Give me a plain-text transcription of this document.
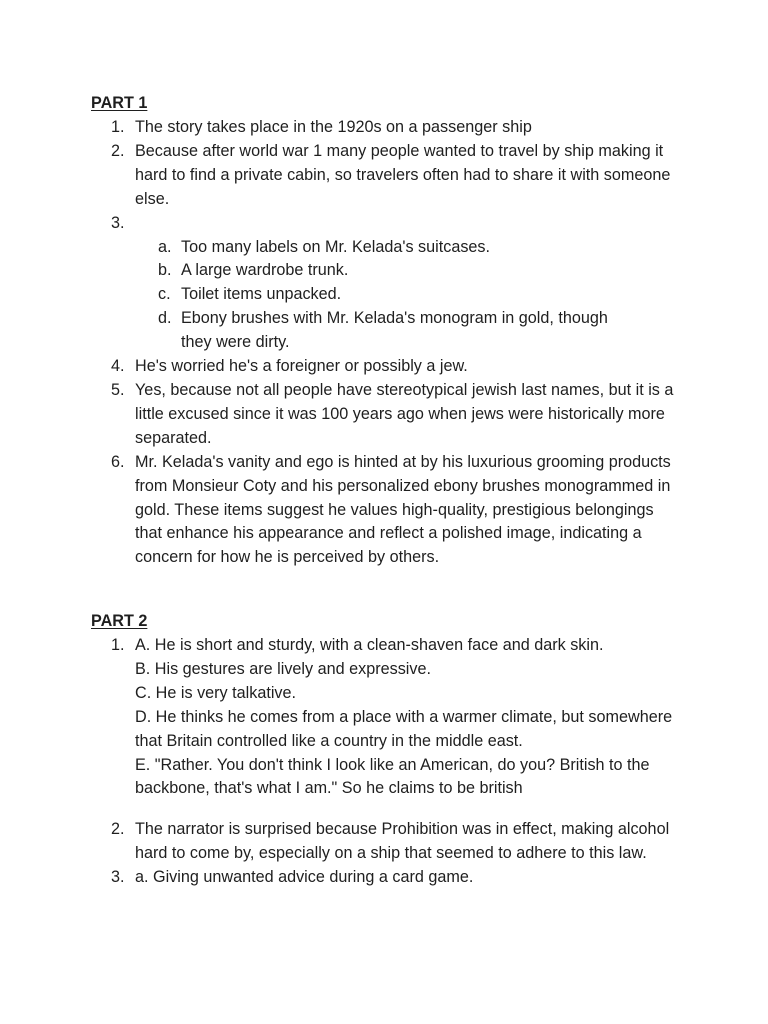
PART 1

1. The story takes place in the 1920s on a passenger ship
2. Because after world war 1 many people wanted to travel by ship making it hard to find a private cabin, so travelers often had to share it with someone else.
3.

a. Too many labels on Mr. Kelada's suitcases.
b. A large wardrobe trunk.
c. Toilet items unpacked.
d. Ebony brushes with Mr. Kelada's monogram in gold, though they were dirty.
4. He's worried he's a foreigner or possibly a jew.
5. Yes, because not all people have stereotypical jewish last names, but it is a little excused since it was 100 years ago when jews were historically more separated.
6. Mr. Kelada's vanity and ego is hinted at by his luxurious grooming products from Monsieur Coty and his personalized ebony brushes monogrammed in gold. These items suggest he values high-quality, prestigious belongings that enhance his appearance and reflect a polished image, indicating a concern for how he is perceived by others.

PART 2

1. A. He is short and sturdy, with a clean-shaven face and dark skin.
B. His gestures are lively and expressive.
C. He is very talkative.
D. He thinks he comes from a place with a warmer climate, but somewhere that Britain controlled like a country in the middle east.
E. "Rather. You don't think I look like an American, do you? British to the backbone, that's what I am." So he claims to be british
2. The narrator is surprised because Prohibition was in effect, making alcohol hard to come by, especially on a ship that seemed to adhere to this law.
3. a. Giving unwanted advice during a card game.
